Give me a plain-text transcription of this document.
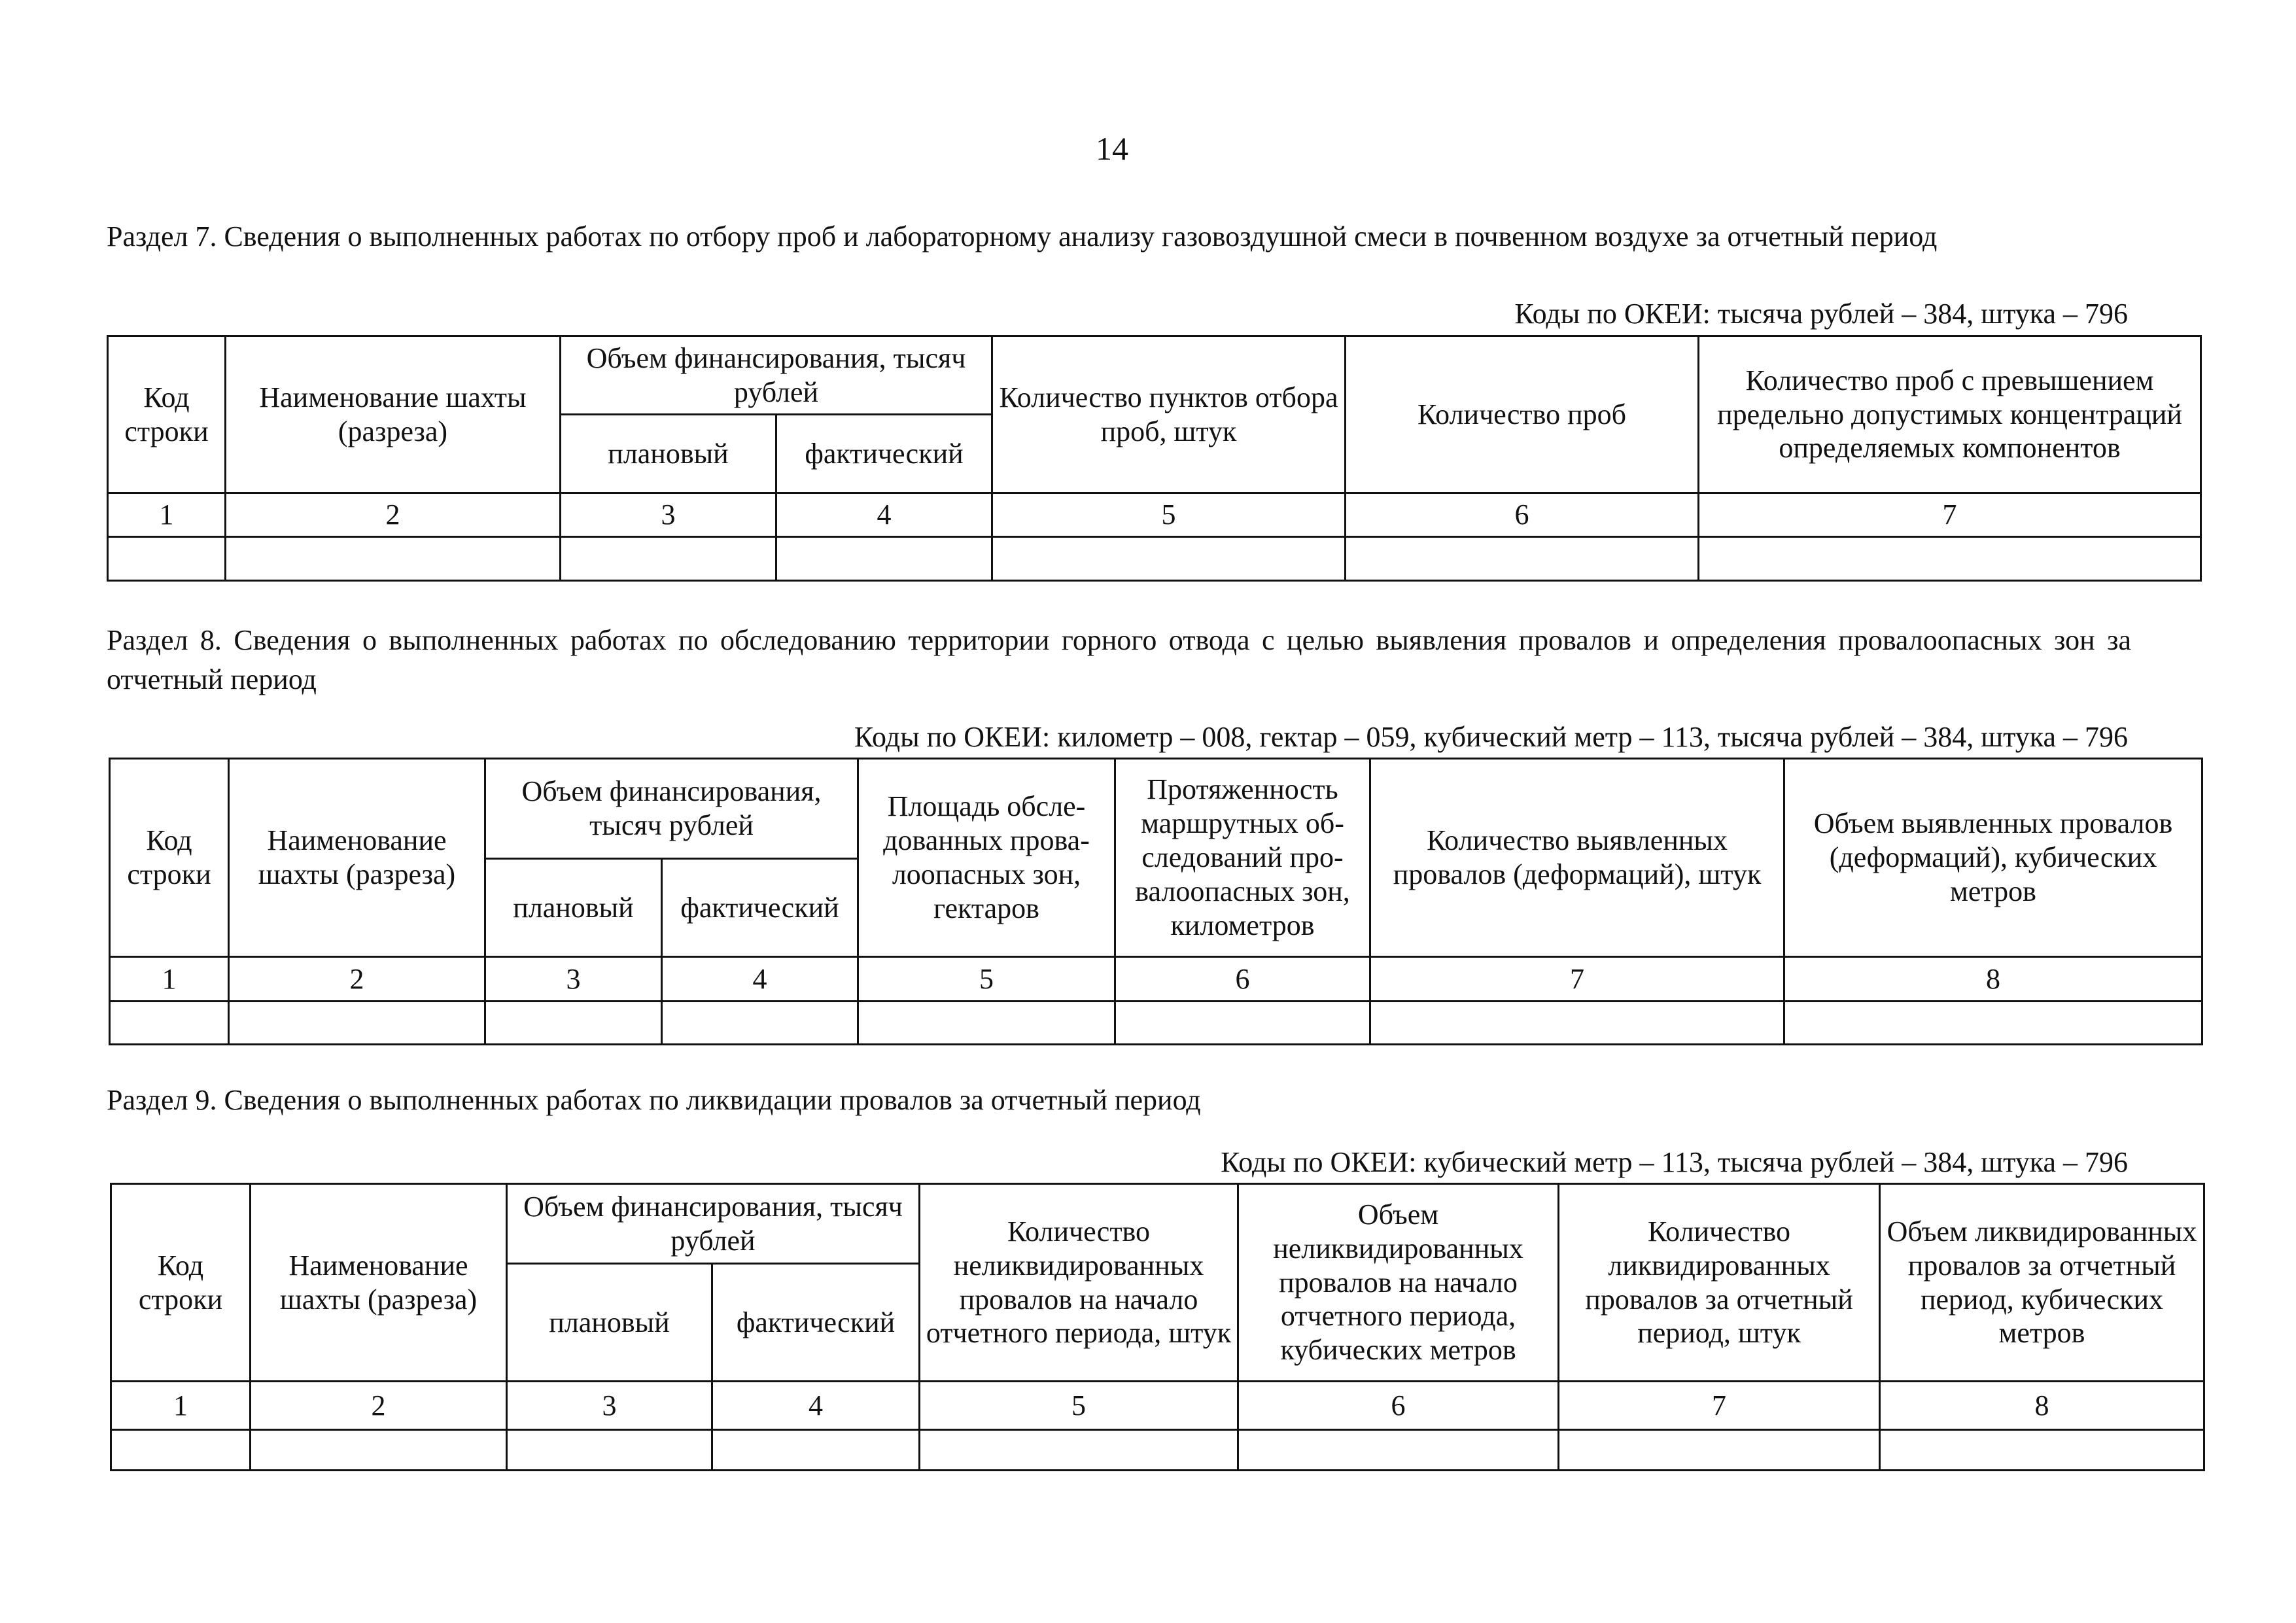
14
Раздел 7. Сведения о выполненных работах по отбору проб и лабораторному анализу газовоздушной смеси в почвенном воздухе за отчетный период
Коды по ОКЕИ: тысяча рублей – 384, штука – 796
Код строки	Наименование шахты (разреза)	Объем финансирования, тысяч рублей		Количество пунктов отбора проб, штук	Количество проб	Количество проб с превышением предельно допустимых концентраций определяемых компонентов
		плановый	фактический			
1	2	3	4	5	6	7

Раздел 8. Сведения о выполненных работах по обследованию территории горного отвода с целью выявления провалов и определения провалоопасных зон за отчетный период
Коды по ОКЕИ: километр – 008, гектар – 059, кубический метр – 113, тысяча рублей – 384, штука – 796
Код строки	Наименование шахты (разреза)	Объем финансирования, тысяч рублей		Площадь обсле-дованных прова-лоопасных зон, гектаров	Протяженность маршрутных об-следований про-валоопасных зон, километров	Количество выявленных провалов (деформаций), штук	Объем выявленных провалов (деформаций), кубических метров
		плановый	фактический				
1	2	3	4	5	6	7	8

Раздел 9. Сведения о выполненных работах по ликвидации провалов за отчетный период
Коды по ОКЕИ: кубический метр – 113, тысяча рублей – 384, штука – 796
Код строки	Наименование шахты (разреза)	Объем финансирования, тысяч рублей		Количество неликвидированных провалов на начало отчетного периода, штук	Объем неликвидированных провалов на начало отчетного периода, кубических метров	Количество ликвидированных провалов за отчетный период, штук	Объем ликвидированных провалов за отчетный период, кубических метров
		плановый	фактический				
1	2	3	4	5	6	7	8
